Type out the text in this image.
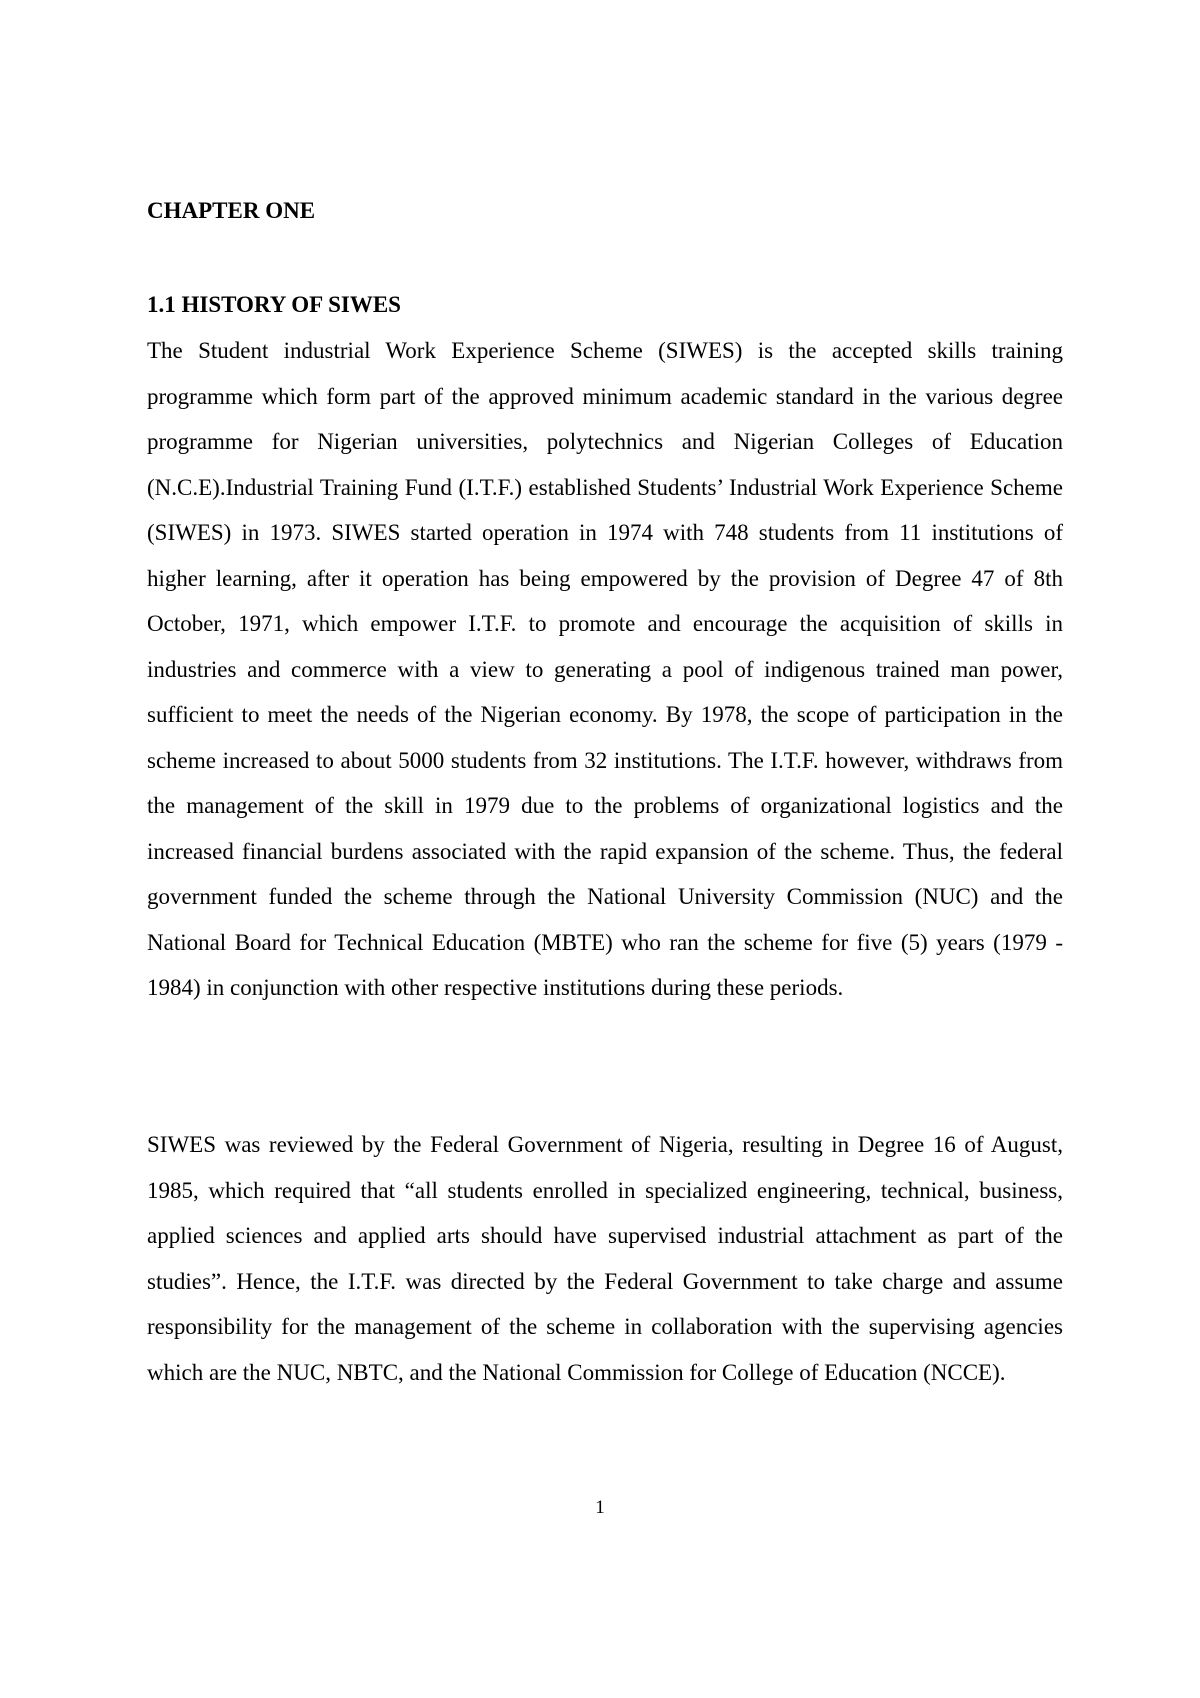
CHAPTER ONE
1.1 HISTORY OF SIWES

The Student industrial Work Experience Scheme (SIWES) is the accepted skills training programme which form part of the approved minimum academic standard in the various degree programme for Nigerian universities, polytechnics and Nigerian Colleges of Education (N.C.E).Industrial Training Fund (I.T.F.) established Students’ Industrial Work Experience Scheme (SIWES) in 1973. SIWES started operation in 1974 with 748 students from 11 institutions of higher learning, after it operation has being empowered by the provision of Degree 47 of 8th October, 1971, which empower I.T.F. to promote and encourage the acquisition of skills in industries and commerce with a view to generating a pool of indigenous trained man power, sufficient to meet the needs of the Nigerian economy. By 1978, the scope of participation in the scheme increased to about 5000 students from 32 institutions. The I.T.F. however, withdraws from the management of the skill in 1979 due to the problems of organizational logistics and the increased financial burdens associated with the rapid expansion of the scheme. Thus, the federal government funded the scheme through the National University Commission (NUC) and the National Board for Technical Education (MBTE) who ran the scheme for five (5) years (1979 - 1984) in conjunction with other respective institutions during these periods.

SIWES was reviewed by the Federal Government of Nigeria, resulting in Degree 16 of August, 1985, which required that “all students enrolled in specialized engineering, technical, business, applied sciences and applied arts should have supervised industrial attachment as part of the studies”. Hence, the I.T.F. was directed by the Federal Government to take charge and assume responsibility for the management of the scheme in collaboration with the supervising agencies which are the NUC, NBTC, and the National Commission for College of Education (NCCE).

1
